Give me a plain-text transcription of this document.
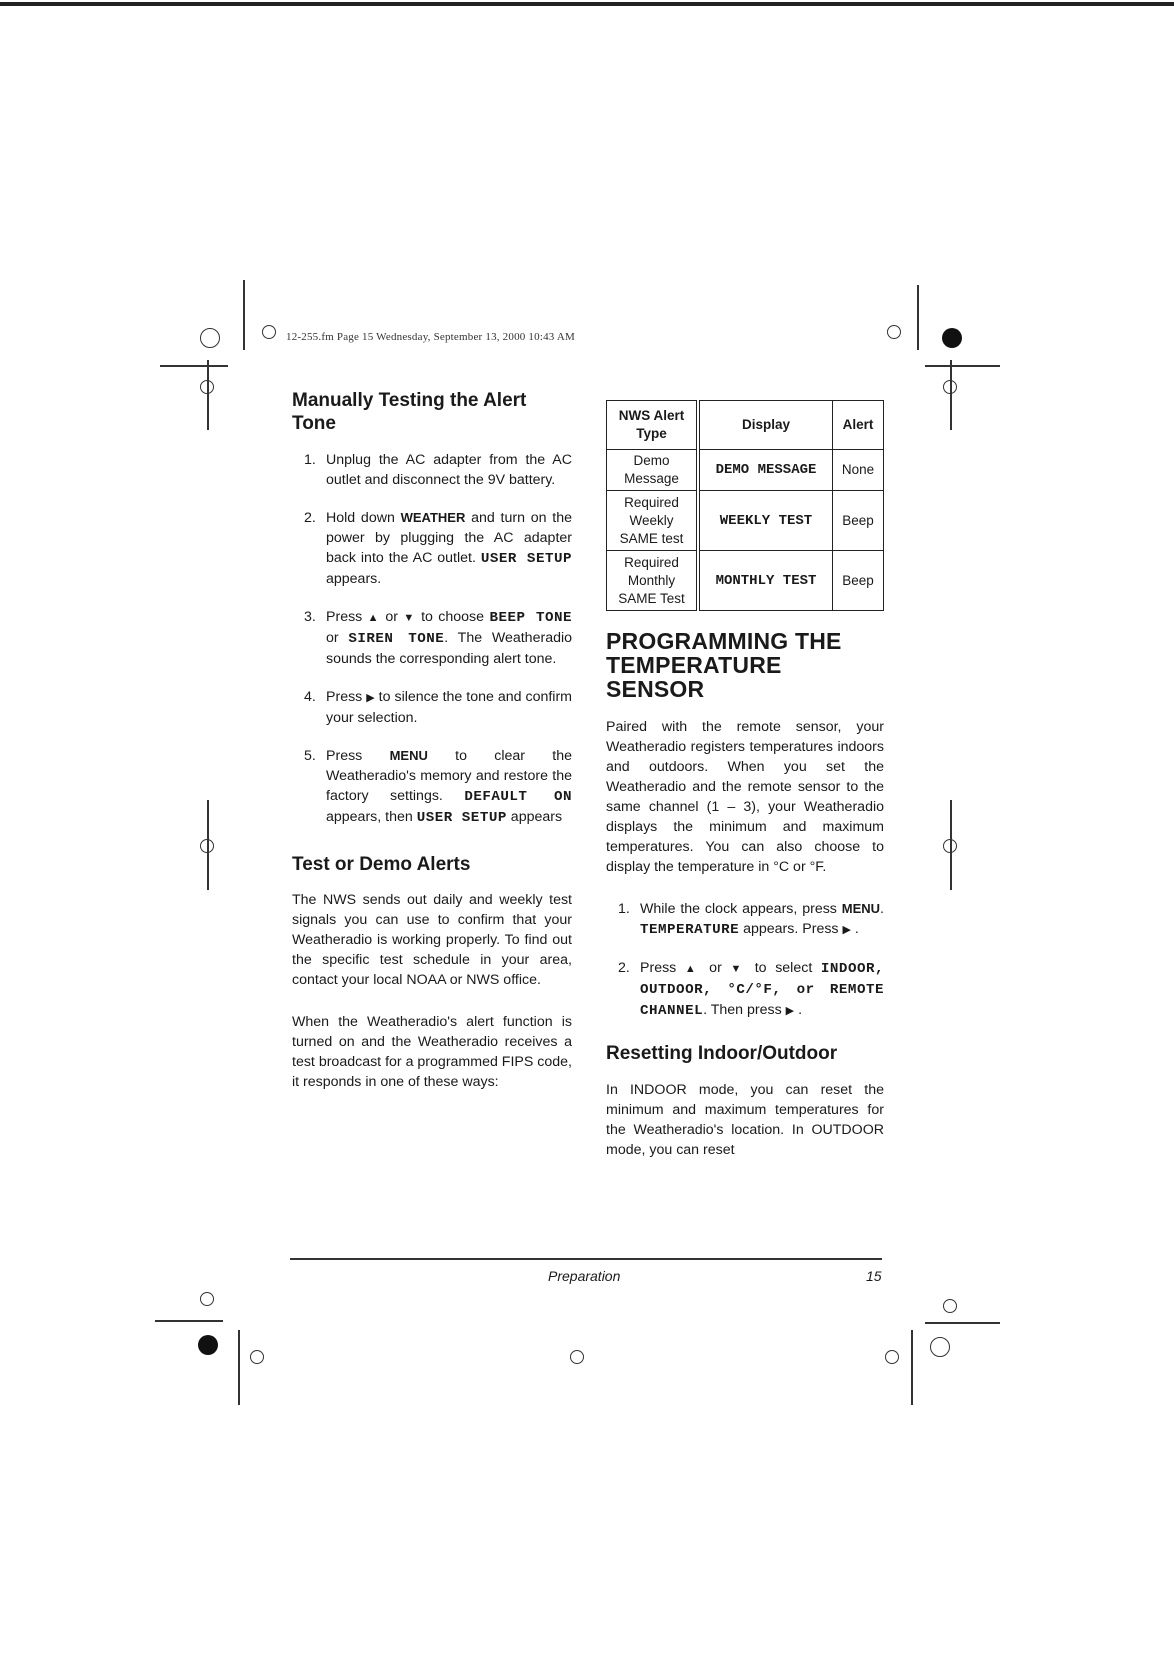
12-255.fm Page 15 Wednesday, September 13, 2000 10:43 AM
Manually Testing the Alert Tone
1. Unplug the AC adapter from the AC outlet and disconnect the 9V battery.
2. Hold down WEATHER and turn on the power by plugging the AC adapter back into the AC outlet. USER SETUP appears.
3. Press ▲ or ▼ to choose BEEP TONE or SIREN TONE. The Weatheradio sounds the corresponding alert tone.
4. Press ▶ to silence the tone and confirm your selection.
5. Press MENU to clear the Weatheradio's memory and restore the factory settings. DEFAULT ON appears, then USER SETUP appears
Test or Demo Alerts

The NWS sends out daily and weekly test signals you can use to confirm that your Weatheradio is working properly. To find out the specific test schedule in your area, contact your local NOAA or NWS office.

When the Weatheradio's alert function is turned on and the Weatheradio receives a test broadcast for a programmed FIPS code, it responds in one of these ways:

NWS Alert Type	Display	Alert
Demo Message	DEMO MESSAGE	None
Required Weekly SAME test	WEEKLY TEST	Beep
Required Monthly SAME Test	MONTHLY TEST	Beep
PROGRAMMING THE TEMPERATURE SENSOR

Paired with the remote sensor, your Weatheradio registers temperatures indoors and outdoors. When you set the Weatheradio and the remote sensor to the same channel (1 – 3), your Weatheradio displays the minimum and maximum temperatures. You can also choose to display the temperature in °C or °F.

1. While the clock appears, press MENU. TEMPERATURE appears. Press ▶ .
2. Press ▲ or ▼ to select INDOOR, OUTDOOR, °C/°F, or REMOTE CHANNEL. Then press ▶ .
Resetting Indoor/Outdoor

In INDOOR mode, you can reset the minimum and maximum temperatures for the Weatheradio's location. In OUTDOOR mode, you can reset

Preparation	15
